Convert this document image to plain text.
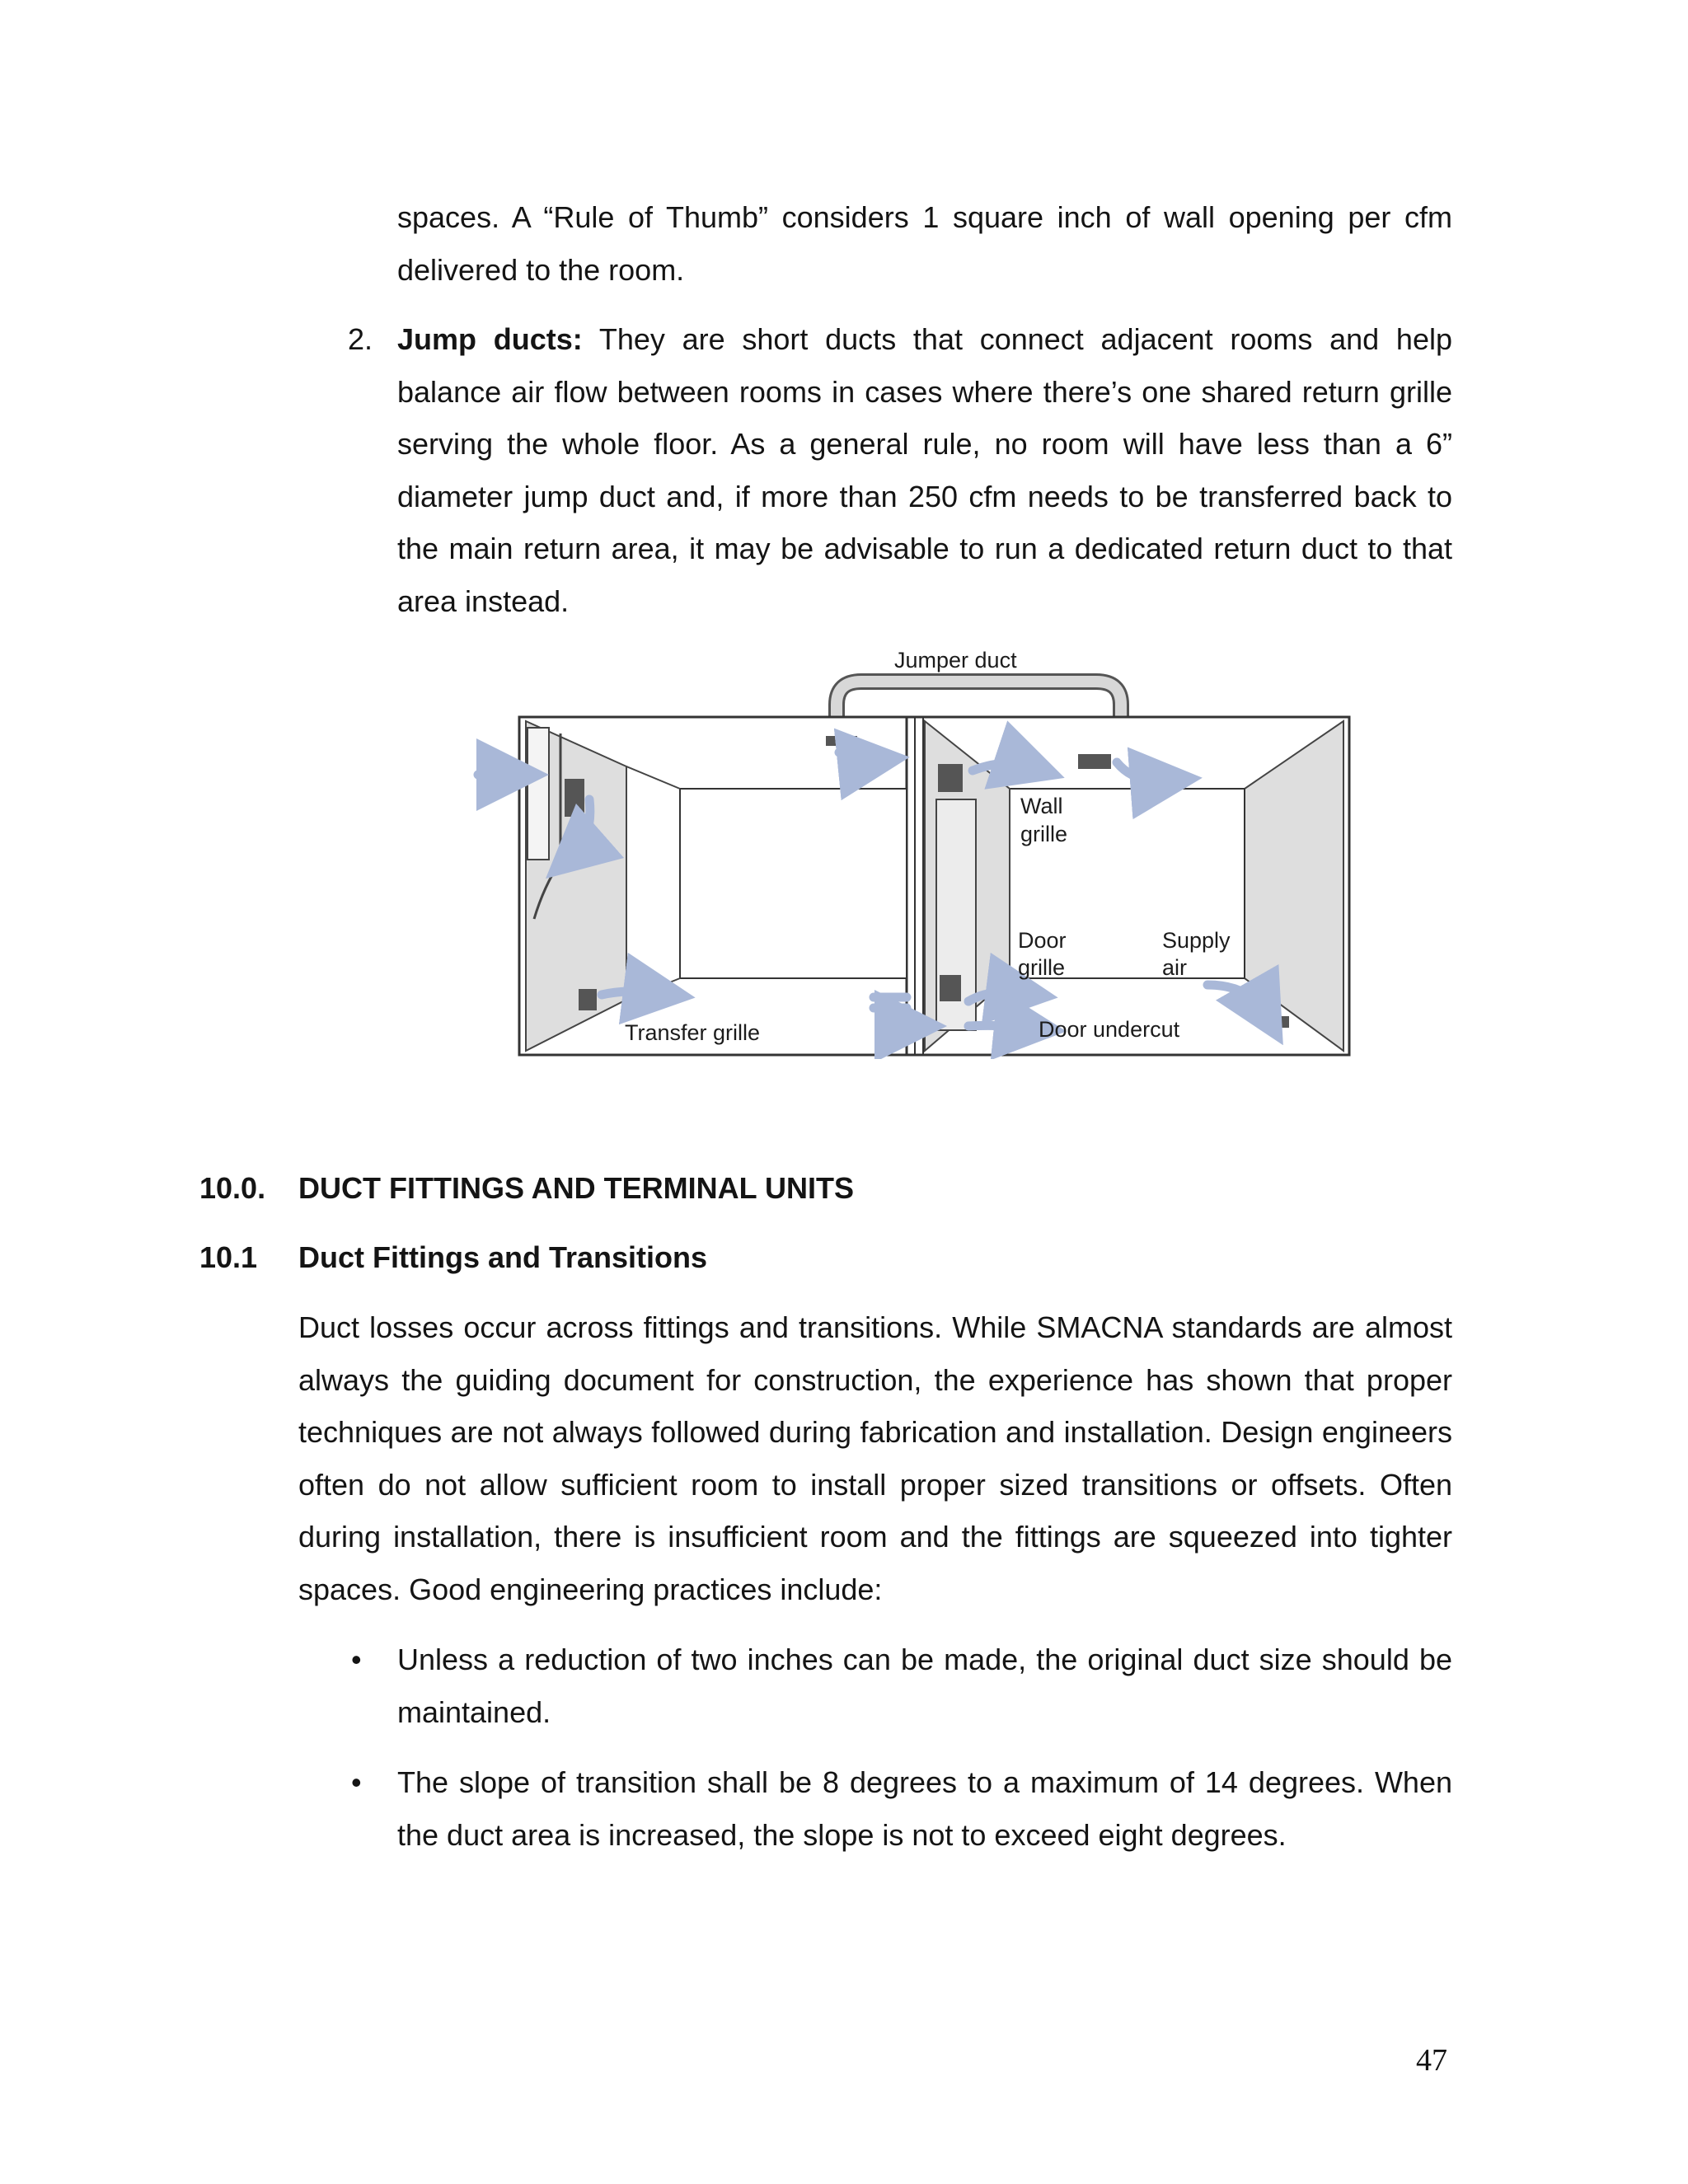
spaces. A “Rule of Thumb” considers 1 square inch of wall opening per cfm delivered to the room.

2. Jump ducts: They are short ducts that connect adjacent rooms and help balance air flow between rooms in cases where there’s one shared return grille serving the whole floor. As a general rule, no room will have less than a 6” diameter jump duct and, if more than 250 cfm needs to be transferred back to the main return area, it may be advisable to run a dedicated return duct to that area instead.

Jumper duct
Wall
grille
Door
grille
Supply
air
Transfer grille	Door undercut
10.0. DUCT FITTINGS AND TERMINAL UNITS
10.1 Duct Fittings and Transitions

Duct losses occur across fittings and transitions. While SMACNA standards are almost always the guiding document for construction, the experience has shown that proper techniques are not always followed during fabrication and installation. Design engineers often do not allow sufficient room to install proper sized transitions or offsets. Often during installation, there is insufficient room and the fittings are squeezed into tighter spaces. Good engineering practices include:

• Unless a reduction of two inches can be made, the original duct size should be maintained.

• The slope of transition shall be 8 degrees to a maximum of 14 degrees. When the duct area is increased, the slope is not to exceed eight degrees.

47
